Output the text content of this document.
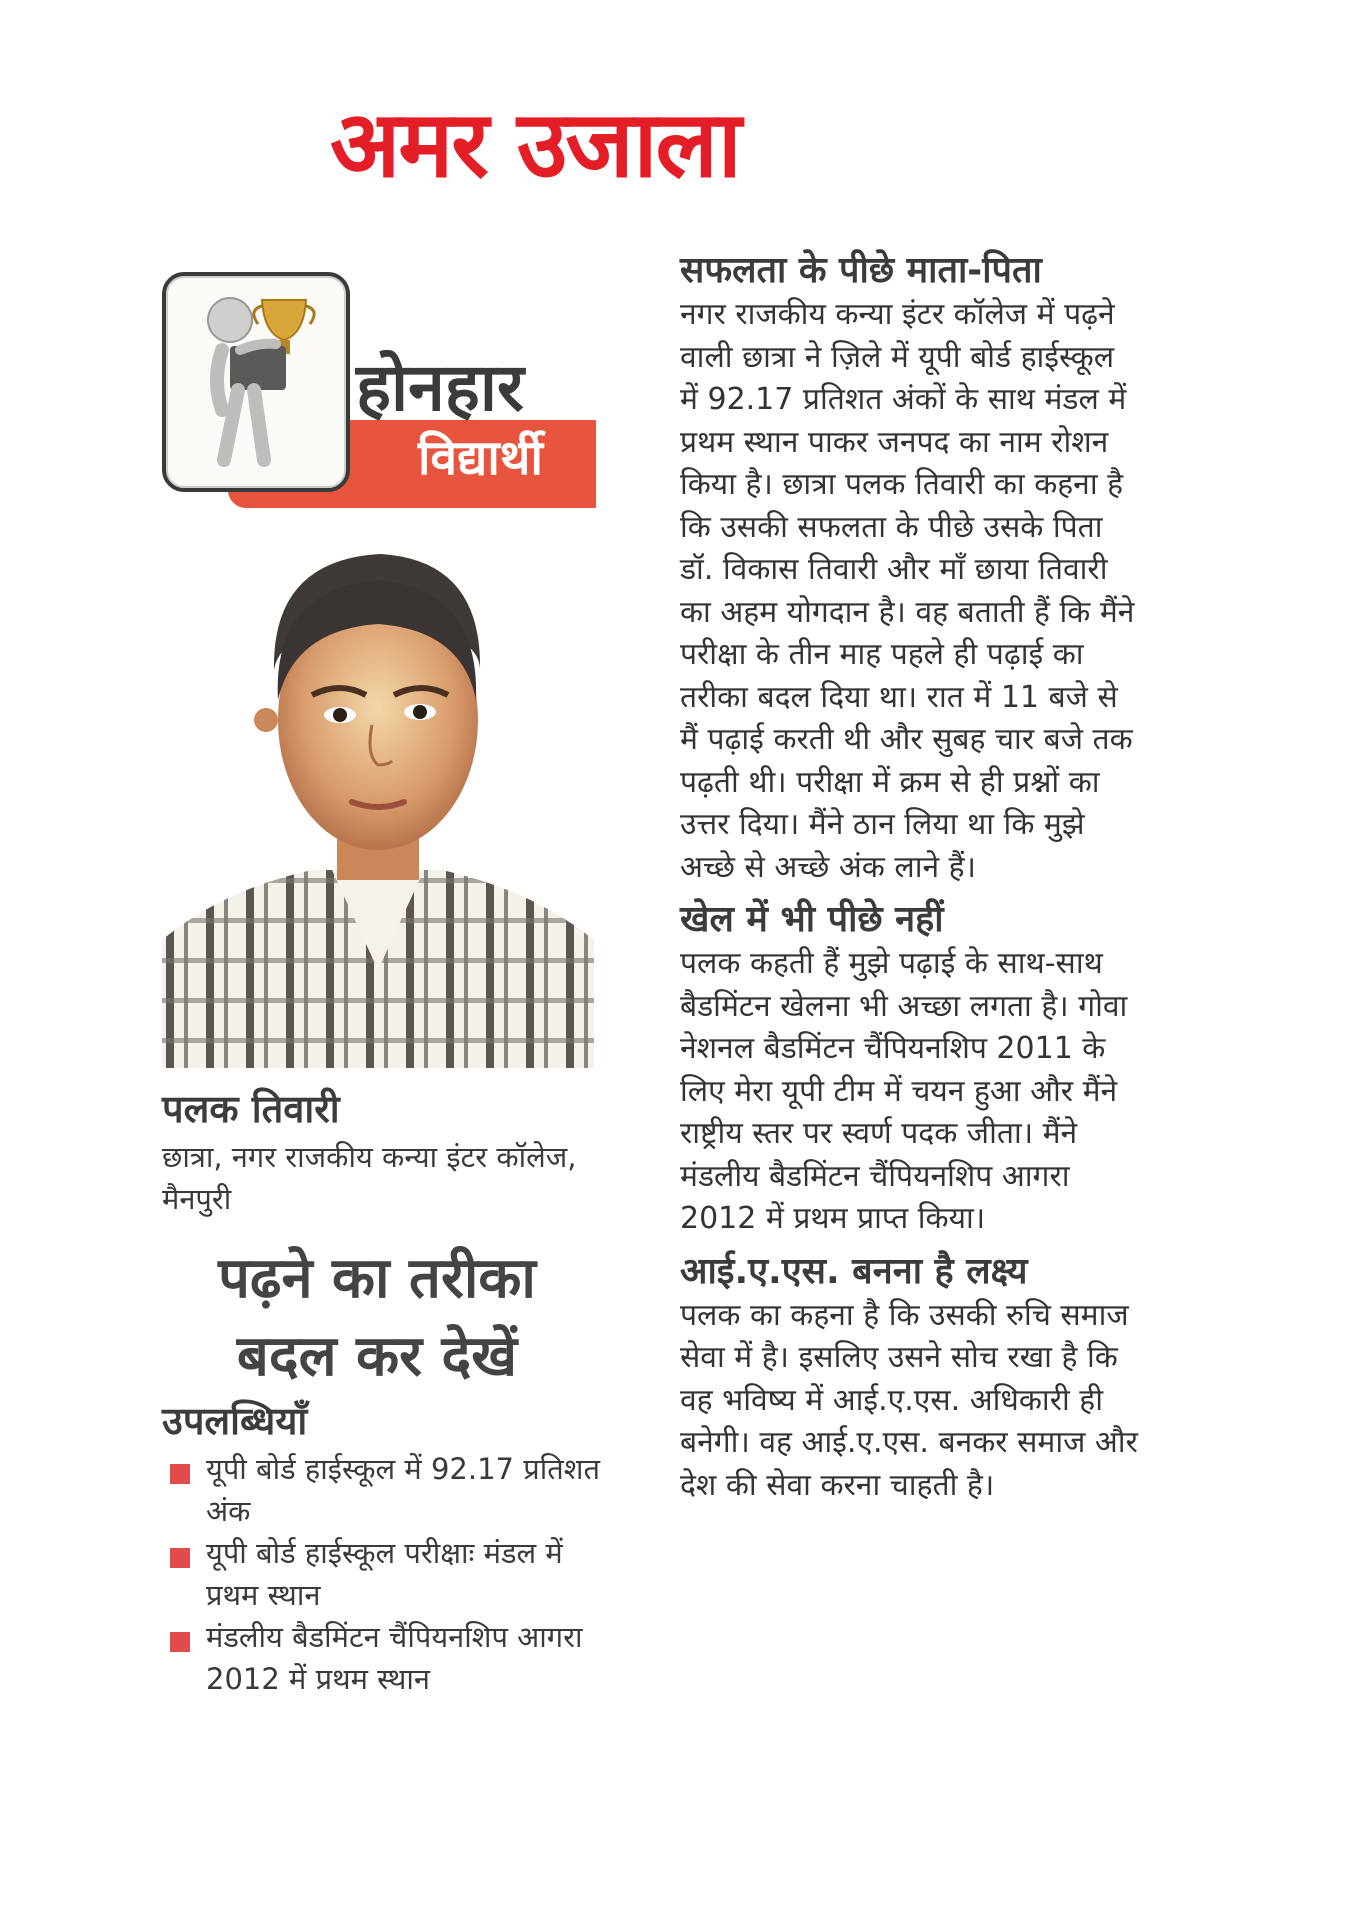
अमर उजाला
होनहार
विद्यार्थी
पलक तिवारी
छात्रा, नगर राजकीय कन्या इंटर कॉलेज, मैनपुरी
पढ़ने का तरीका
बदल कर देखें
उपलब्धियाँ
यूपी बोर्ड हाईस्कूल में 92.17 प्रतिशत अंक
यूपी बोर्ड हाईस्कूल परीक्षाः मंडल में प्रथम स्थान
मंडलीय बैडमिंटन चैंपियनशिप आगरा 2012 में प्रथम स्थान
सफलता के पीछे माता-पिता

नगर राजकीय कन्या इंटर कॉलेज में पढ़ने वाली छात्रा ने ज़िले में यूपी बोर्ड हाईस्कूल में 92.17 प्रतिशत अंकों के साथ मंडल में प्रथम स्थान पाकर जनपद का नाम रोशन किया है। छात्रा पलक तिवारी का कहना है कि उसकी सफलता के पीछे उसके पिता डॉ. विकास तिवारी और माँ छाया तिवारी का अहम योगदान है। वह बताती हैं कि मैंने परीक्षा के तीन माह पहले ही पढ़ाई का तरीका बदल दिया था। रात में 11 बजे से मैं पढ़ाई करती थी और सुबह चार बजे तक पढ़ती थी। परीक्षा में क्रम से ही प्रश्नों का उत्तर दिया। मैंने ठान लिया था कि मुझे अच्छे से अच्छे अंक लाने हैं।

खेल में भी पीछे नहीं

पलक कहती हैं मुझे पढ़ाई के साथ-साथ बैडमिंटन खेलना भी अच्छा लगता है। गोवा नेशनल बैडमिंटन चैंपियनशिप 2011 के लिए मेरा यूपी टीम में चयन हुआ और मैंने राष्ट्रीय स्तर पर स्वर्ण पदक जीता। मैंने मंडलीय बैडमिंटन चैंपियनशिप आगरा 2012 में प्रथम प्राप्त किया।

आई.ए.एस. बनना है लक्ष्य

पलक का कहना है कि उसकी रुचि समाज सेवा में है। इसलिए उसने सोच रखा है कि वह भविष्य में आई.ए.एस. अधिकारी ही बनेगी। वह आई.ए.एस. बनकर समाज और देश की सेवा करना चाहती है।
